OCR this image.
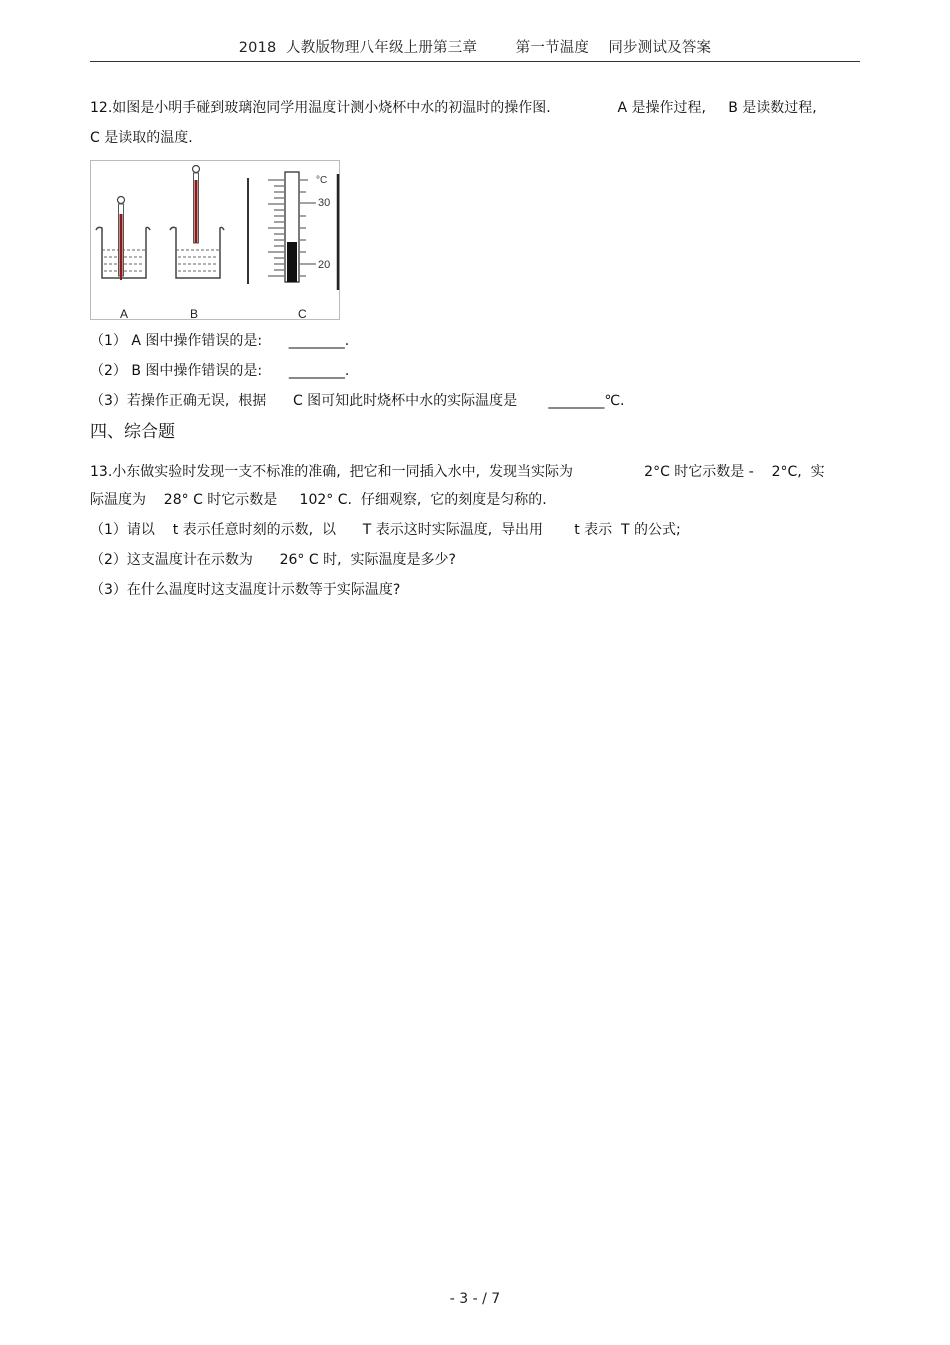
2018  人教版物理八年级上册第三章        第一节温度    同步测试及答案
12.如图是小明手碰到玻璃泡同学用温度计测小烧杯中水的初温时的操作图.               A 是操作过程,     B 是读数过程,
C 是读取的温度.
°C
30
20
A	B	C
（1） A 图中操作错误的是:      ________.
（2） B 图中操作错误的是:      ________.
（3）若操作正确无误,  根据      C 图可知此时烧杯中水的实际温度是       ________℃.
四、综合题
13.小东做实验时发现一支不标准的准确,  把它和一同插入水中,  发现当实际为                2°C 时它示数是 -    2°C,  实
际温度为    28° C 时它示数是     102° C.  仔细观察,  它的刻度是匀称的.
（1）请以    t 表示任意时刻的示数,  以      T 表示这时实际温度,  导出用       t 表示  T 的公式;
（2）这支温度计在示数为      26° C 时,  实际温度是多少?
（3）在什么温度时这支温度计示数等于实际温度?
- 3 - / 7
